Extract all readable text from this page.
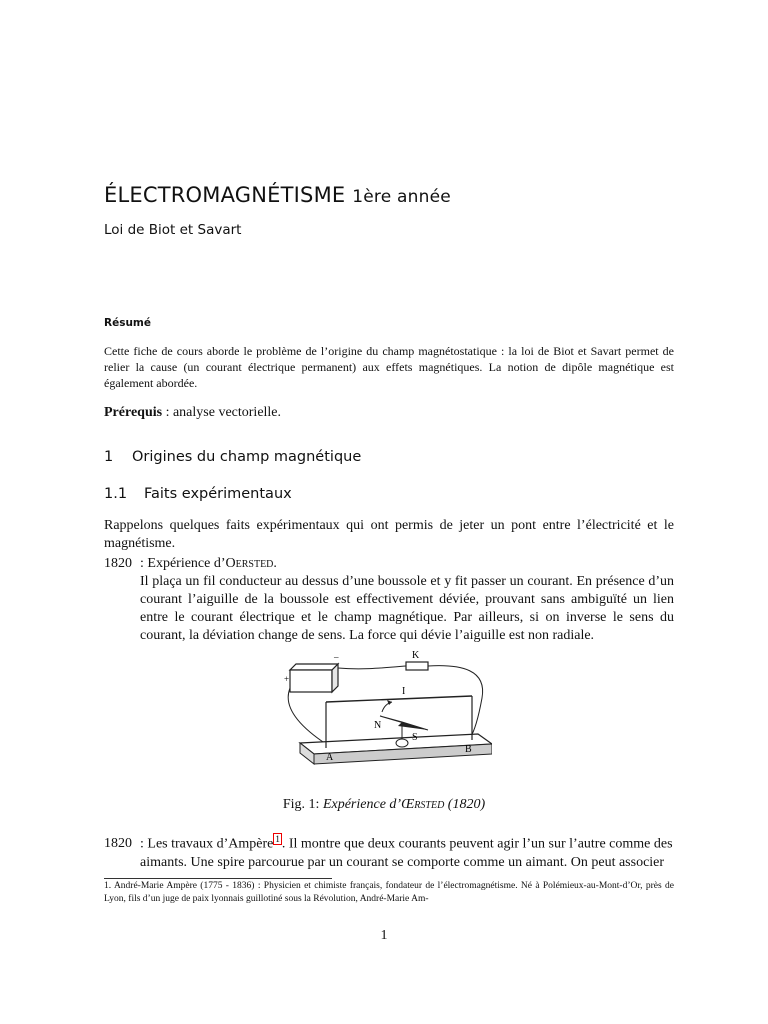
ÉLECTROMAGNÉTISME 1ère année
Loi de Biot et Savart
Résumé
Cette fiche de cours aborde le problème de l’origine du champ magnétostatique : la loi de Biot et Savart permet de relier la cause (un courant électrique permanent) aux effets magnétiques. La notion de dipôle magnétique est également abordée.
Prérequis : analyse vectorielle.
1 Origines du champ magnétique
1.1 Faits expérimentaux
Rappelons quelques faits expérimentaux qui ont permis de jeter un pont entre l’électricité et le magnétisme.
1820 : Expérience d’Oersted.
Il plaça un fil conducteur au dessus d’une boussole et y fit passer un courant. En présence d’un courant l’aiguille de la boussole est effectivement déviée, prouvant sans ambiguïté un lien entre le courant électrique et le champ magnétique. Par ailleurs, si on inverse le sens du courant, la déviation change de sens. La force qui dévie l’aiguille est non radiale.
+
–	K
I
N
S
A
B
Fig. 1: Expérience d’Œrsted (1820)
1820 : Les travaux d’Ampère $^1$ . Il montre que deux courants peuvent agir l’un sur l’autre comme des
aimants. Une spire parcourue par un courant se comporte comme un aimant. On peut associer
1. André-Marie Ampère (1775 - 1836) : Physicien et chimiste français, fondateur de l’électromagnétisme. Né à Polémieux-au-Mont-d’Or, près de Lyon, fils d’un juge de paix lyonnais guillotiné sous la Révolution, André-Marie Am-
1
